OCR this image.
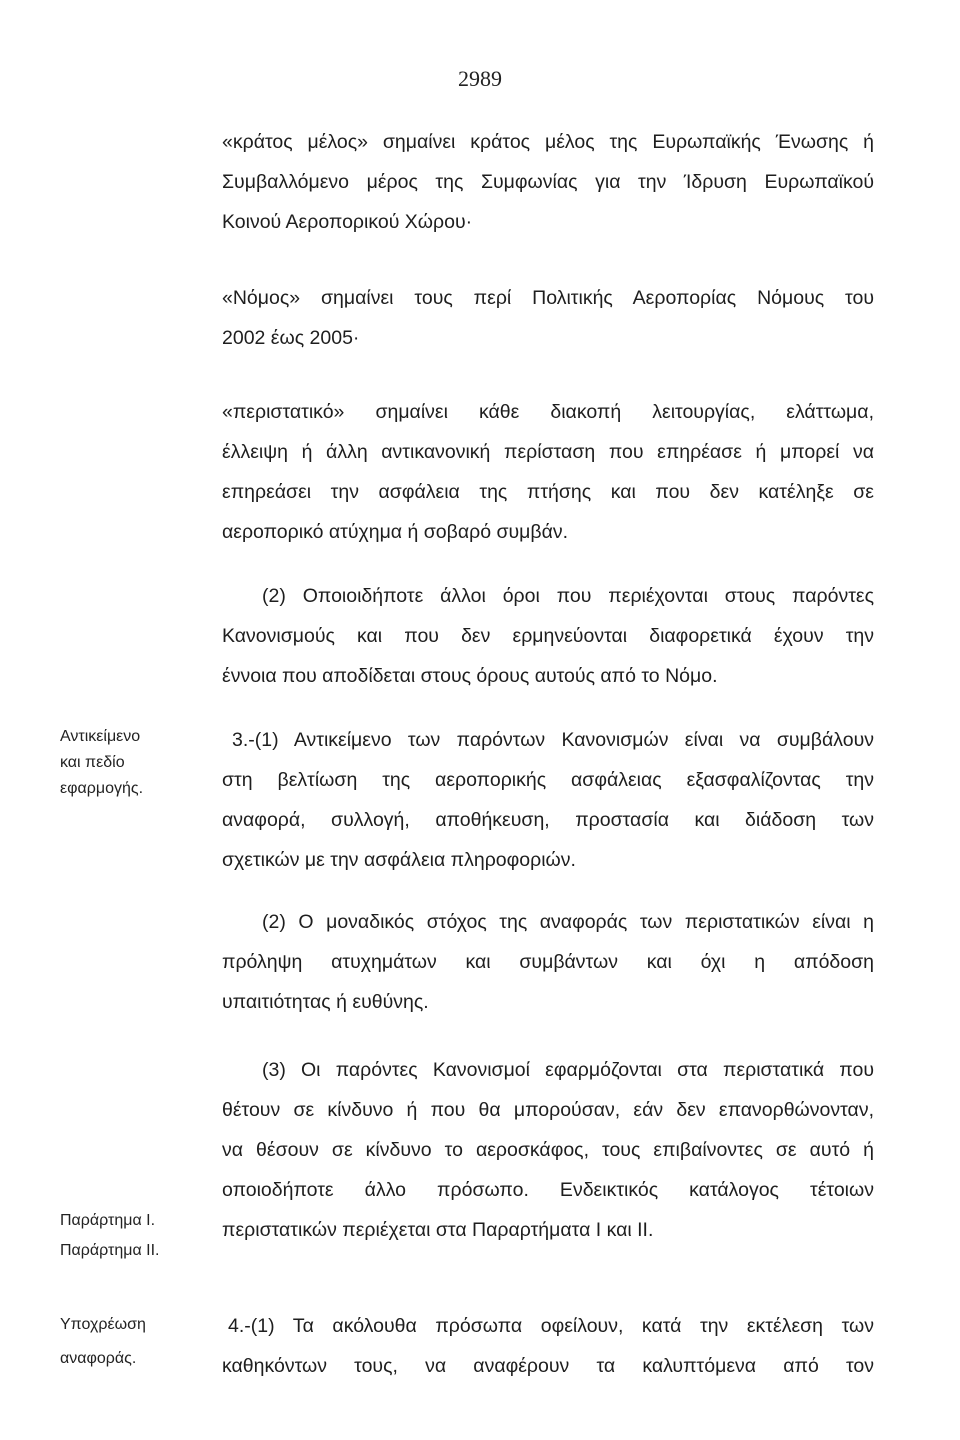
2989
«κράτος μέλος» σημαίνει κράτος μέλος της Ευρωπαϊκής Ένωσης ή
Συμβαλλόμενο μέρος της Συμφωνίας για την Ίδρυση Ευρωπαϊκού
Κοινού Αεροπορικού Χώρου·
«Νόμος» σημαίνει τους περί Πολιτικής Αεροπορίας Νόμους του
2002 έως 2005·
«περιστατικό» σημαίνει κάθε διακοπή λειτουργίας, ελάττωμα,
έλλειψη ή άλλη αντικανονική περίσταση που επηρέασε ή μπορεί να
επηρεάσει την ασφάλεια της πτήσης και που δεν κατέληξε σε
αεροπορικό ατύχημα ή σοβαρό συμβάν.
(2) Οποιοιδήποτε άλλοι όροι που περιέχονται στους παρόντες
Κανονισμούς και που δεν ερμηνεύονται διαφορετικά έχουν την
έννοια που αποδίδεται στους όρους αυτούς από το Νόμο.
Αντικείμενο
και πεδίο
εφαρμογής.
3.-(1) Αντικείμενο των παρόντων Κανονισμών είναι να συμβάλουν
στη βελτίωση της αεροπορικής ασφάλειας εξασφαλίζοντας την
αναφορά, συλλογή, αποθήκευση, προστασία και διάδοση των
σχετικών με την ασφάλεια πληροφοριών.
(2) Ο μοναδικός στόχος της αναφοράς των περιστατικών είναι η
πρόληψη ατυχημάτων και συμβάντων και όχι η απόδοση
υπαιτιότητας ή ευθύνης.
(3) Οι παρόντες Κανονισμοί εφαρμόζονται στα περιστατικά που
θέτουν σε κίνδυνο ή που θα μπορούσαν, εάν δεν επανορθώνονταν,
να θέσουν σε κίνδυνο το αεροσκάφος, τους επιβαίνοντες σε αυτό ή
οποιοδήποτε άλλο πρόσωπο. Ενδεικτικός κατάλογος τέτοιων
περιστατικών περιέχεται στα Παραρτήματα I και II.
Παράρτημα I.
Παράρτημα II.
Υποχρέωση
αναφοράς.
4.-(1) Τα ακόλουθα πρόσωπα οφείλουν, κατά την εκτέλεση των
καθηκόντων τους, να αναφέρουν τα καλυπτόμενα από τον
